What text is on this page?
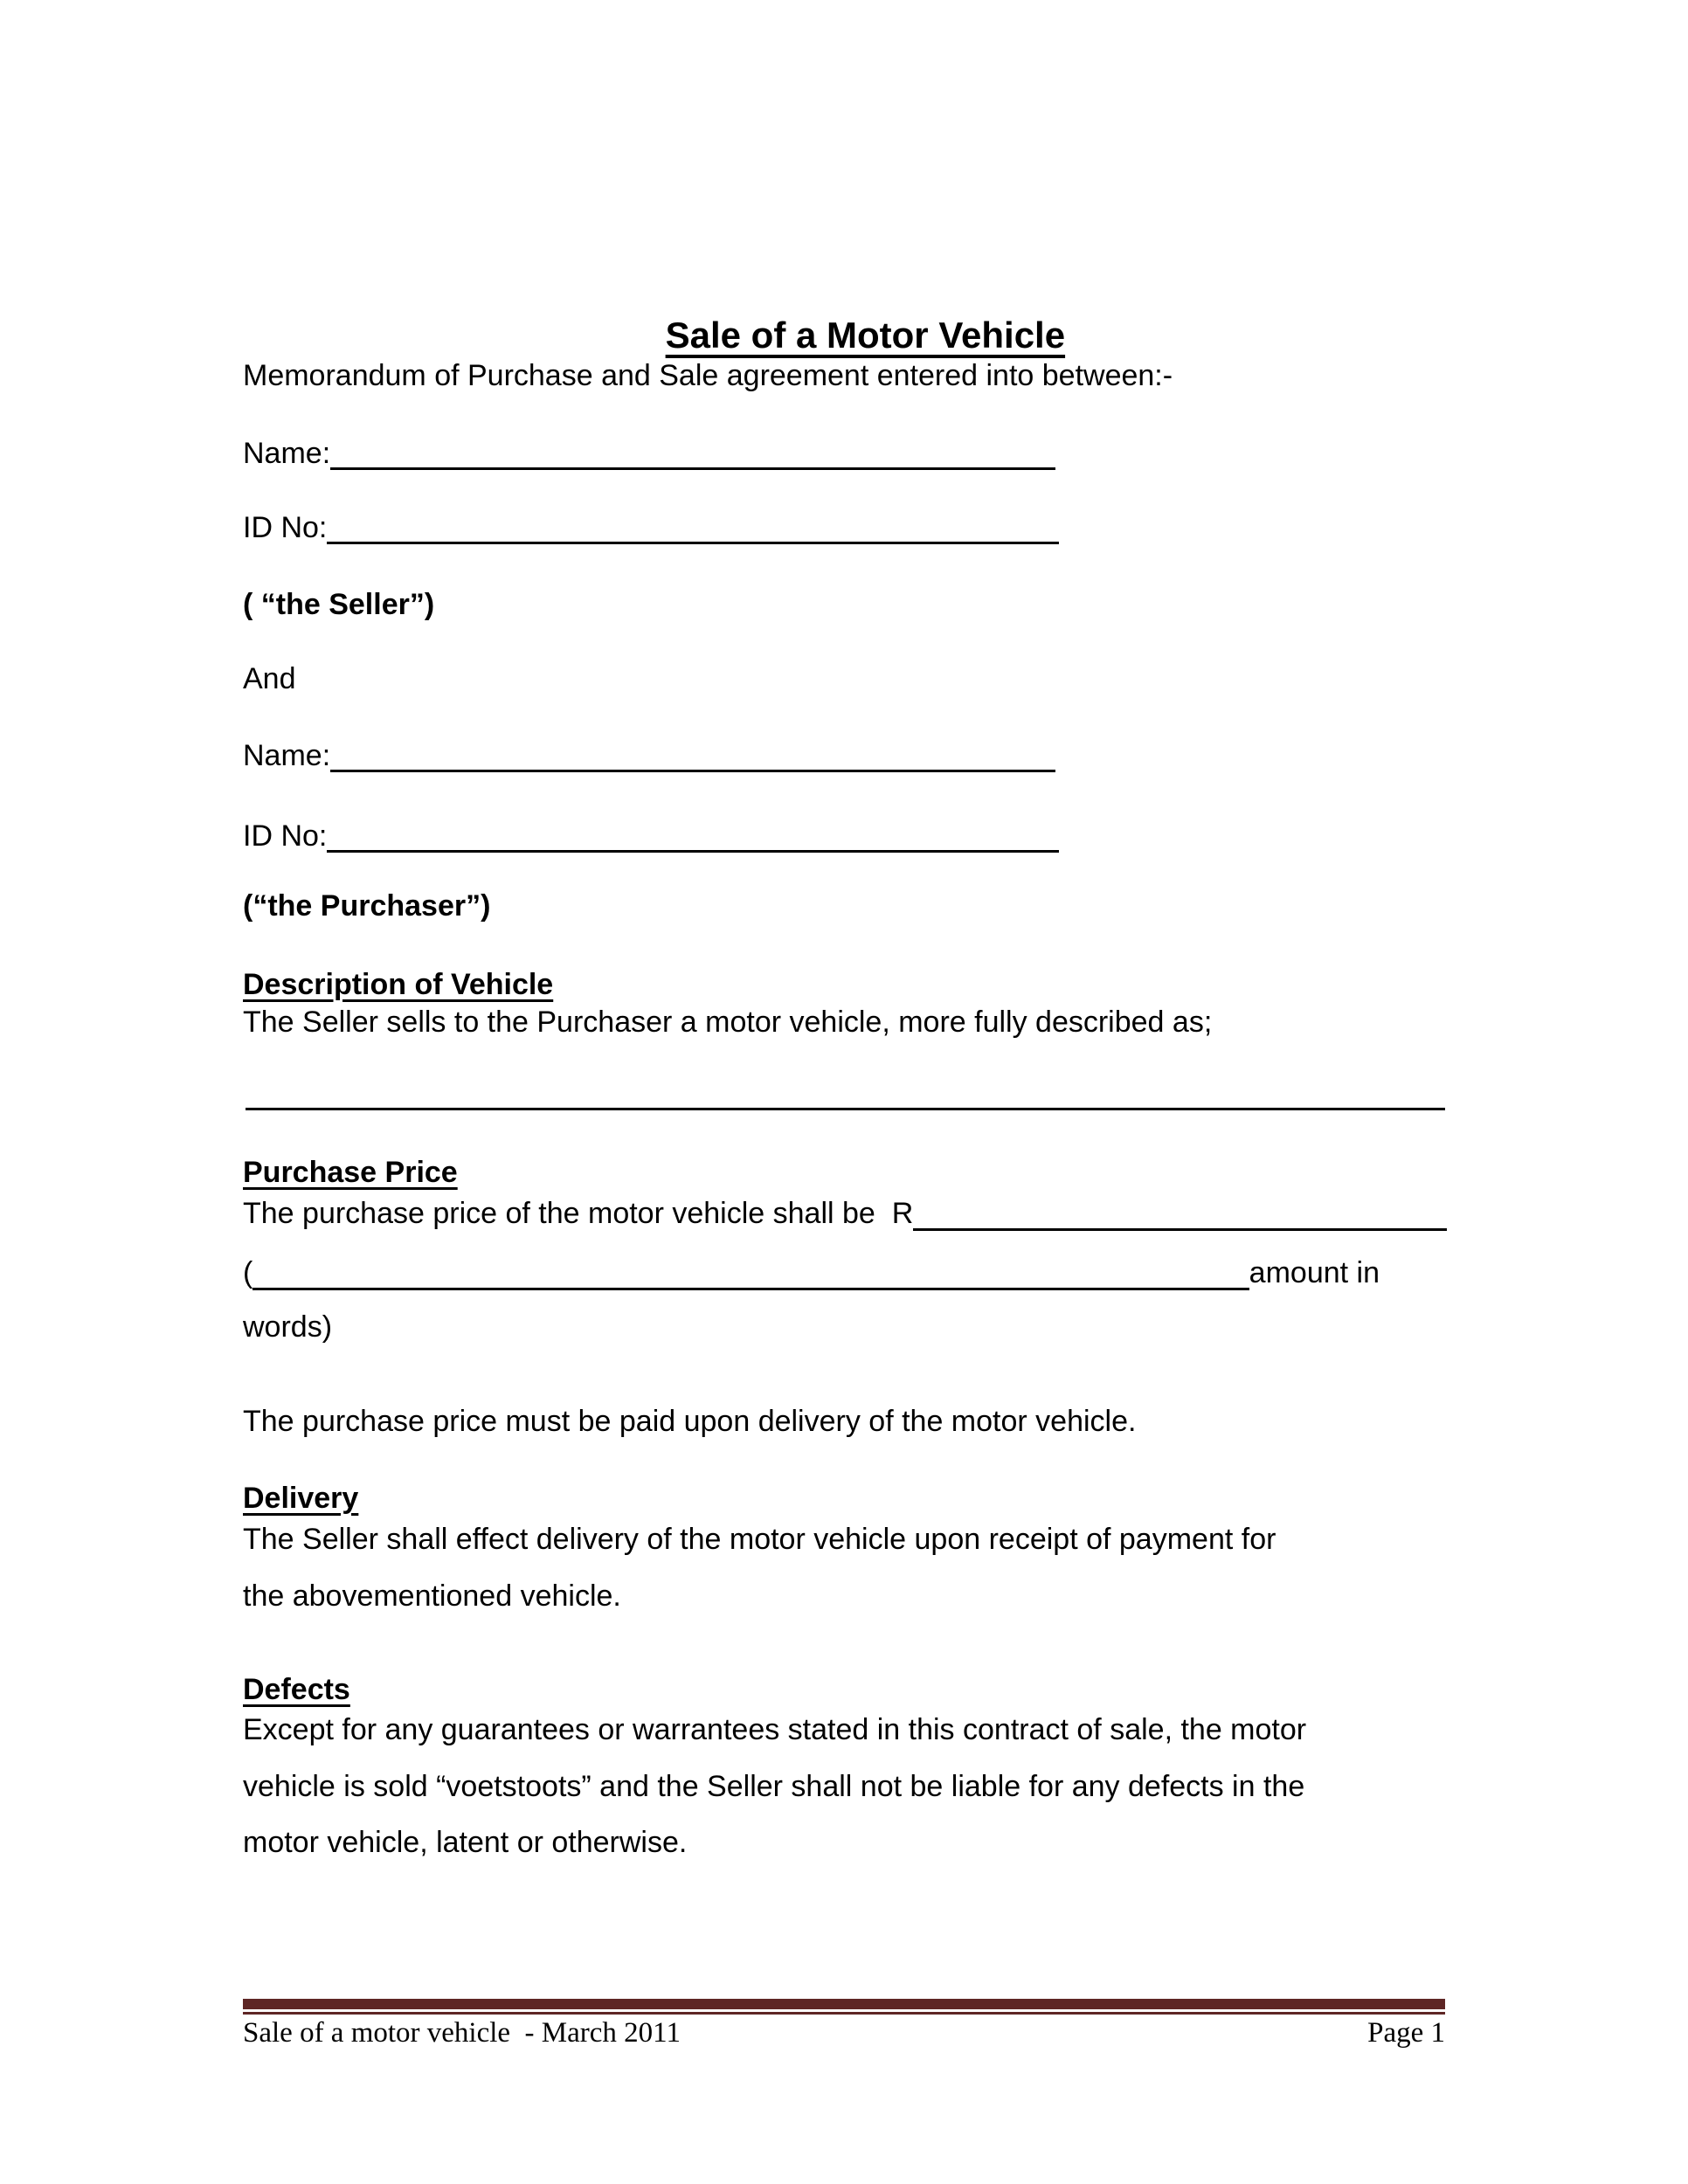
Sale of a Motor Vehicle

Memorandum of Purchase and Sale agreement entered into between:-
Name:
ID No:
( “the Seller”)
And
Name:
ID No:
(“the Purchaser”)
Description of Vehicle
The Seller sells to the Purchaser a motor vehicle, more fully described as;
Purchase Price
The purchase price of the motor vehicle shall be  R
(	amount in
words)
The purchase price must be paid upon delivery of the motor vehicle.
Delivery
The Seller shall effect delivery of the motor vehicle upon receipt of payment for
the abovementioned vehicle.
Defects
Except for any guarantees or warrantees stated in this contract of sale, the motor
vehicle is sold “voetstoots” and the Seller shall not be liable for any defects in the
motor vehicle, latent or otherwise.
Sale of a motor vehicle  - March 2011	Page 1
